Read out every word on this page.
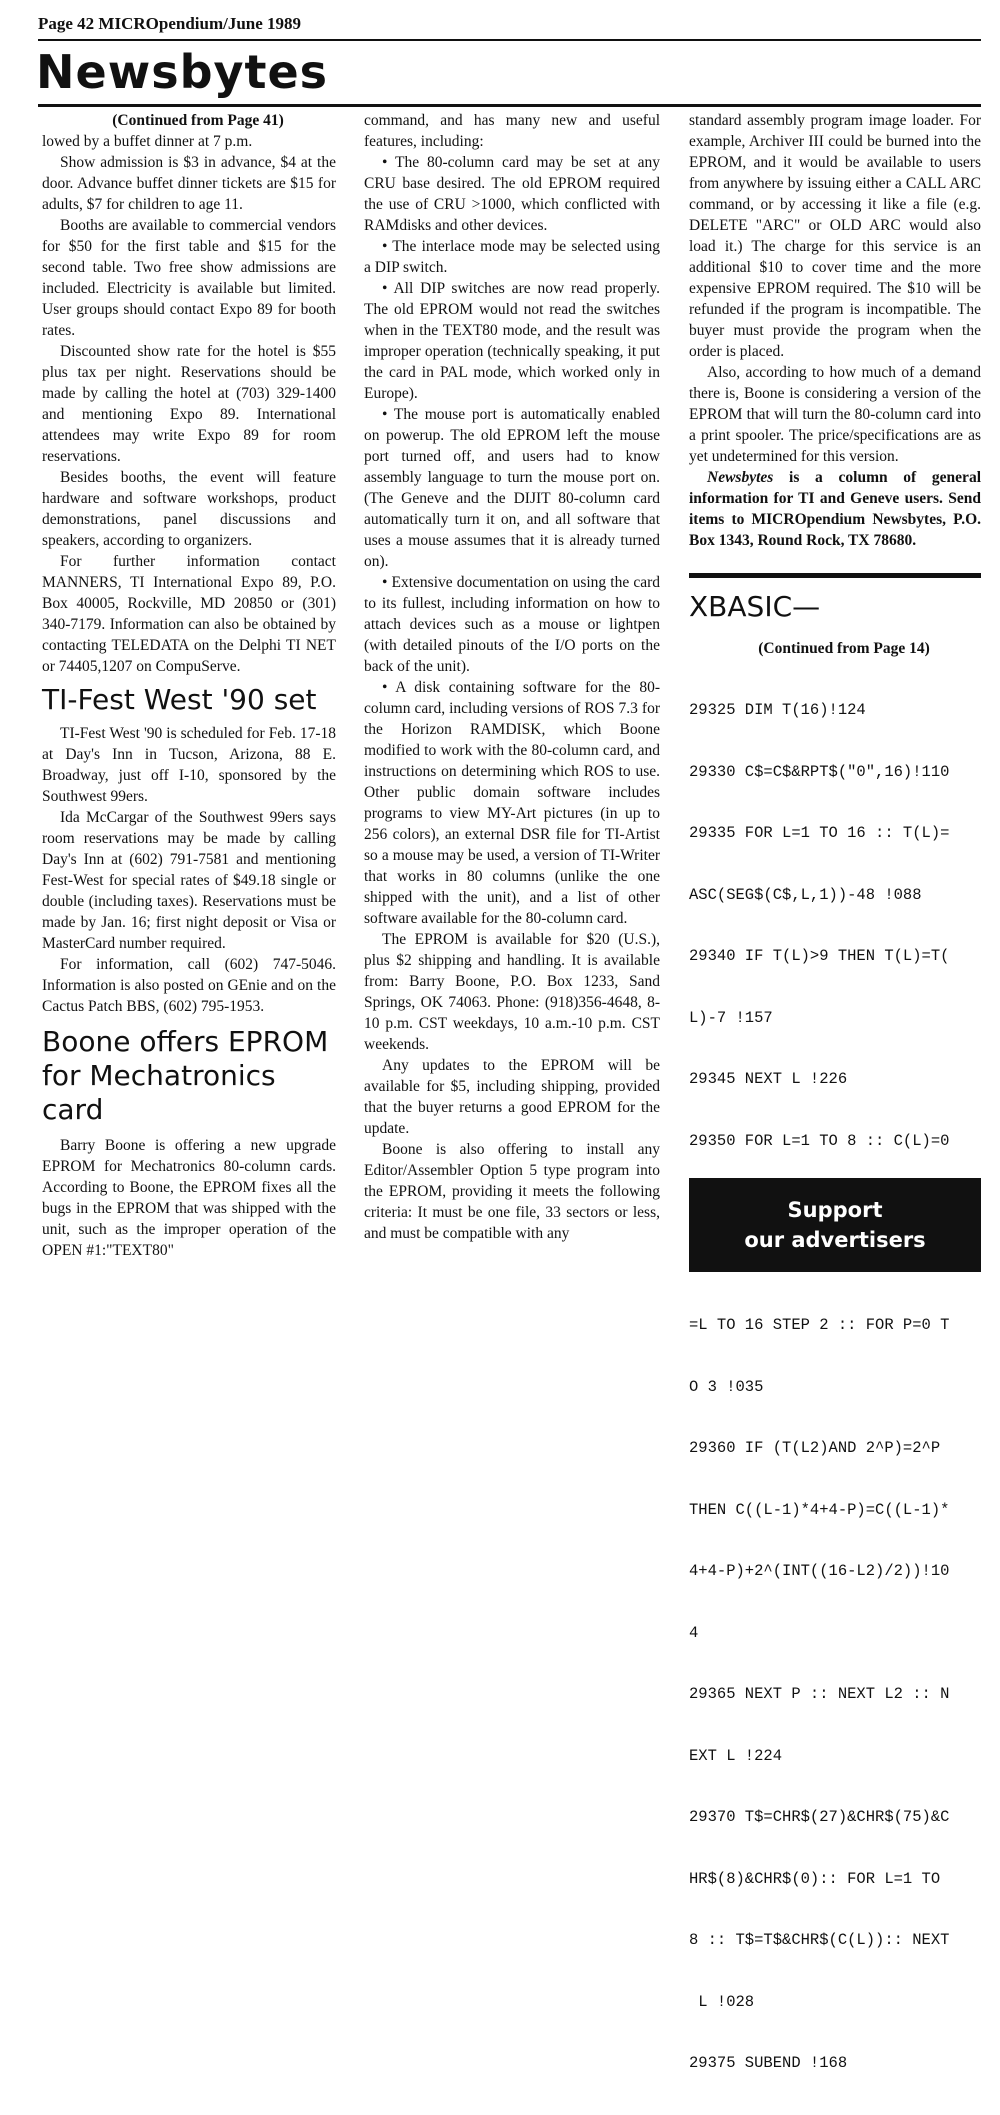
Page 42 MICROpendium/June 1989
Newsbytes

(Continued from Page 41)

lowed by a buffet dinner at 7 p.m.

Show admission is $3 in advance, $4 at the door. Advance buffet dinner tickets are $15 for adults, $7 for children to age 11.

Booths are available to commercial vendors for $50 for the first table and $15 for the second table. Two free show admissions are included. Electricity is available but limited. User groups should contact Expo 89 for booth rates.

Discounted show rate for the hotel is $55 plus tax per night. Reservations should be made by calling the hotel at (703) 329-1400 and mentioning Expo 89. International attendees may write Expo 89 for room reservations.

Besides booths, the event will feature hardware and software workshops, product demonstrations, panel discussions and speakers, according to organizers.

For further information contact MANNERS, TI International Expo 89, P.O. Box 40005, Rockville, MD 20850 or (301) 340-7179. Information can also be obtained by contacting TELEDATA on the Delphi TI NET or 74405,1207 on CompuServe.

TI-Fest West '90 set

TI-Fest West '90 is scheduled for Feb. 17-18 at Day's Inn in Tucson, Arizona, 88 E. Broadway, just off I-10, sponsored by the Southwest 99ers.

Ida McCargar of the Southwest 99ers says room reservations may be made by calling Day's Inn at (602) 791-7581 and mentioning Fest-West for special rates of $49.18 single or double (including taxes). Reservations must be made by Jan. 16; first night deposit or Visa or MasterCard number required.

For information, call (602) 747-5046. Information is also posted on GEnie and on the Cactus Patch BBS, (602) 795-1953.

Boone offers EPROM for Mechatronics card

Barry Boone is offering a new upgrade EPROM for Mechatronics 80-column cards. According to Boone, the EPROM fixes all the bugs in the EPROM that was shipped with the unit, such as the improper operation of the OPEN #1:"TEXT80"

command, and has many new and useful features, including:

• The 80-column card may be set at any CRU base desired. The old EPROM required the use of CRU >1000, which conflicted with RAMdisks and other devices.

• The interlace mode may be selected using a DIP switch.

• All DIP switches are now read properly. The old EPROM would not read the switches when in the TEXT80 mode, and the result was improper operation (technically speaking, it put the card in PAL mode, which worked only in Europe).

• The mouse port is automatically enabled on powerup. The old EPROM left the mouse port turned off, and users had to know assembly language to turn the mouse port on. (The Geneve and the DIJIT 80-column card automatically turn it on, and all software that uses a mouse assumes that it is already turned on).

• Extensive documentation on using the card to its fullest, including information on how to attach devices such as a mouse or lightpen (with detailed pinouts of the I/O ports on the back of the unit).

• A disk containing software for the 80-column card, including versions of ROS 7.3 for the Horizon RAMDISK, which Boone modified to work with the 80-column card, and instructions on determining which ROS to use. Other public domain software includes programs to view MY-Art pictures (in up to 256 colors), an external DSR file for TI-Artist so a mouse may be used, a version of TI-Writer that works in 80 columns (unlike the one shipped with the unit), and a list of other software available for the 80-column card.

The EPROM is available for $20 (U.S.), plus $2 shipping and handling. It is available from: Barry Boone, P.O. Box 1233, Sand Springs, OK 74063. Phone: (918)356-4648, 8-10 p.m. CST weekdays, 10 a.m.-10 p.m. CST weekends.

Any updates to the EPROM will be available for $5, including shipping, provided that the buyer returns a good EPROM for the update.

Boone is also offering to install any Editor/Assembler Option 5 type program into the EPROM, providing it meets the following criteria: It must be one file, 33 sectors or less, and must be compatible with any

standard assembly program image loader. For example, Archiver III could be burned into the EPROM, and it would be available to users from anywhere by issuing either a CALL ARC command, or by accessing it like a file (e.g. DELETE "ARC" or OLD ARC would also load it.) The charge for this service is an additional $10 to cover time and the more expensive EPROM required. The $10 will be refunded if the program is incompatible. The buyer must provide the program when the order is placed.

Also, according to how much of a demand there is, Boone is considering a version of the EPROM that will turn the 80-column card into a print spooler. The price/specifications are as yet undetermined for this version.

Newsbytes is a column of general information for TI and Geneve users. Send items to MICROpendium Newsbytes, P.O. Box 1343, Round Rock, TX 78680.

XBASIC—

(Continued from Page 14)

29325 DIM T(16)!124

29330 C$=C$&RPT$("0",16)!110

29335 FOR L=1 TO 16 :: T(L)=

ASC(SEG$(C$,L,1))-48 !088

29340 IF T(L)>9 THEN T(L)=T(

L)-7 !157

29345 NEXT L !226

29350 FOR L=1 TO 8 :: C(L)=0

=L TO 16 STEP 2 :: FOR P=0 T

O 3 !035

29360 IF (T(L2)AND 2^P)=2^P

THEN C((L-1)*4+4-P)=C((L-1)*

4+4-P)+2^(INT((16-L2)/2))!10

4

29365 NEXT P :: NEXT L2 :: N

EXT L !224

29370 T$=CHR$(27)&CHR$(75)&C

HR$(8)&CHR$(0):: FOR L=1 TO

8 :: T$=T$&CHR$(C(L)):: NEXT

L !028

29375 SUBEND !168

Support
our advertisers
